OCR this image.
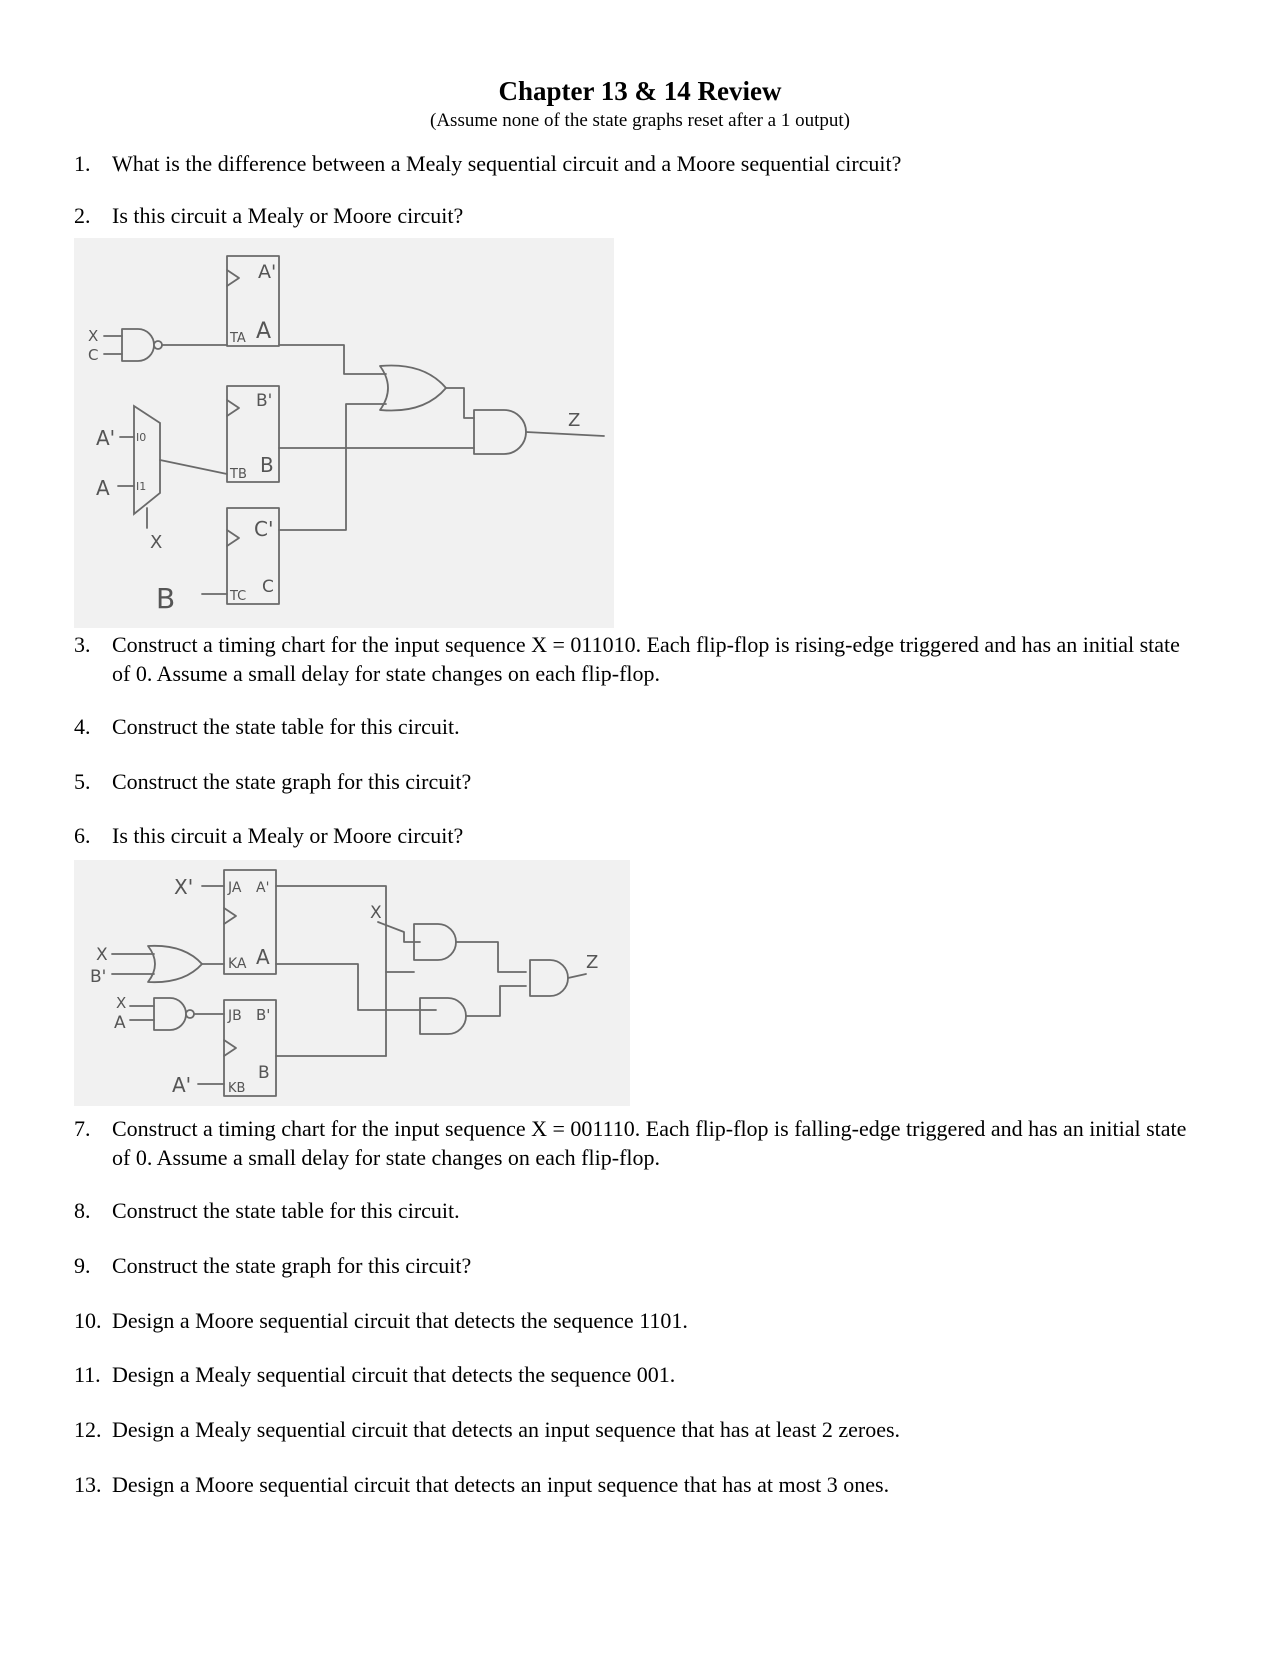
Chapter 13 & 14 Review
(Assume none of the state graphs reset after a 1 output)
1. What is the difference between a Mealy sequential circuit and a Moore sequential circuit?
2. Is this circuit a Mealy or Moore circuit?
A'
TA A
X
C
B'
TB B
A' I0
A I1
X
C'
TC C
B
Z
3. Construct a timing chart for the input sequence X = 011010. Each flip-flop is rising-edge triggered and has an initial state of 0. Assume a small delay for state changes on each flip-flop.
4. Construct the state table for this circuit.
5. Construct the state graph for this circuit?
6. Is this circuit a Mealy or Moore circuit?
X' JA A'
KA A
X
B'
X
A	JB B'
A'	KB
B
X
Z
7. Construct a timing chart for the input sequence X = 001110. Each flip-flop is falling-edge triggered and has an initial state of 0. Assume a small delay for state changes on each flip-flop.
8. Construct the state table for this circuit.
9. Construct the state graph for this circuit?
10. Design a Moore sequential circuit that detects the sequence 1101.
11. Design a Mealy sequential circuit that detects the sequence 001.
12. Design a Mealy sequential circuit that detects an input sequence that has at least 2 zeroes.
13. Design a Moore sequential circuit that detects an input sequence that has at most 3 ones.
